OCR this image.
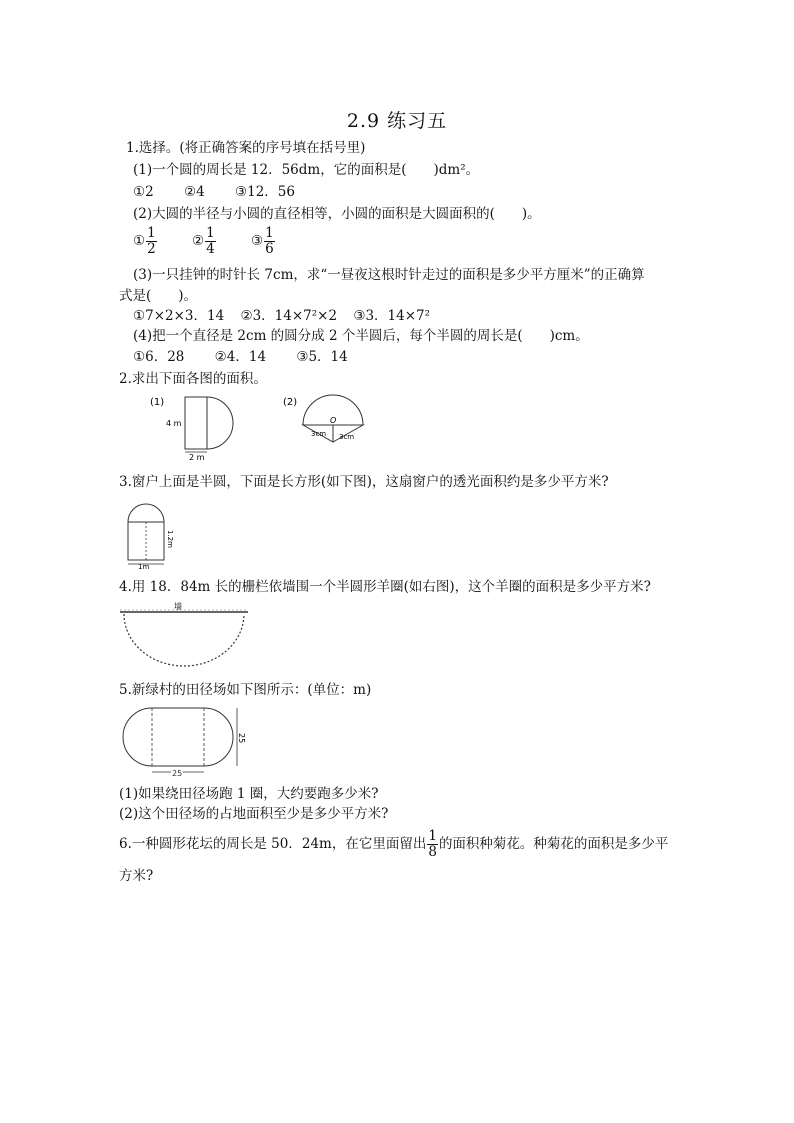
2.9 练习五
1.选择。(将正确答案的序号填在括号里)
(1)一个圆的周长是 12．56dm，它的面积是(　　)dm²。
①2 ②4 ③12．56
(2)大圆的半径与小圆的直径相等，小圆的面积是大圆面积的(　　)。
① $\frac{1}{2}$	② $\frac{1}{4}$	③ $\frac{1}{6}$
(3)一只挂钟的时针长 7cm，求“一昼夜这根时针走过的面积是多少平方厘米”的正确算
式是(　　)。
①7×2×3．14 ②3．14×7²×2 ③3．14×7²
(4)把一个直径是 2cm 的圆分成 2 个半圆后，每个半圆的周长是(　　)cm。
①6．28 ②4．14 ③5．14
2.求出下面各图的面积。
(1)
4 m
2 m
(2)
O
3cm 3cm
3.窗户上面是半圆，下面是长方形(如下图)，这扇窗户的透光面积约是多少平方米?
1.2m
1m
4.用 18．84m 长的栅栏依墙围一个半圆形羊圈(如右图)，这个羊圈的面积是多少平方米?
墙
5.新绿村的田径场如下图所示：(单位：m)
25
25
(1)如果绕田径场跑 1 圈，大约要跑多少米?
(2)这个田径场的占地面积至少是多少平方米?
6.一种圆形花坛的周长是 50．24m，在它里面留出 $\frac{1}{8}$ 的面积种菊花。种菊花的面积是多少平
方米?
